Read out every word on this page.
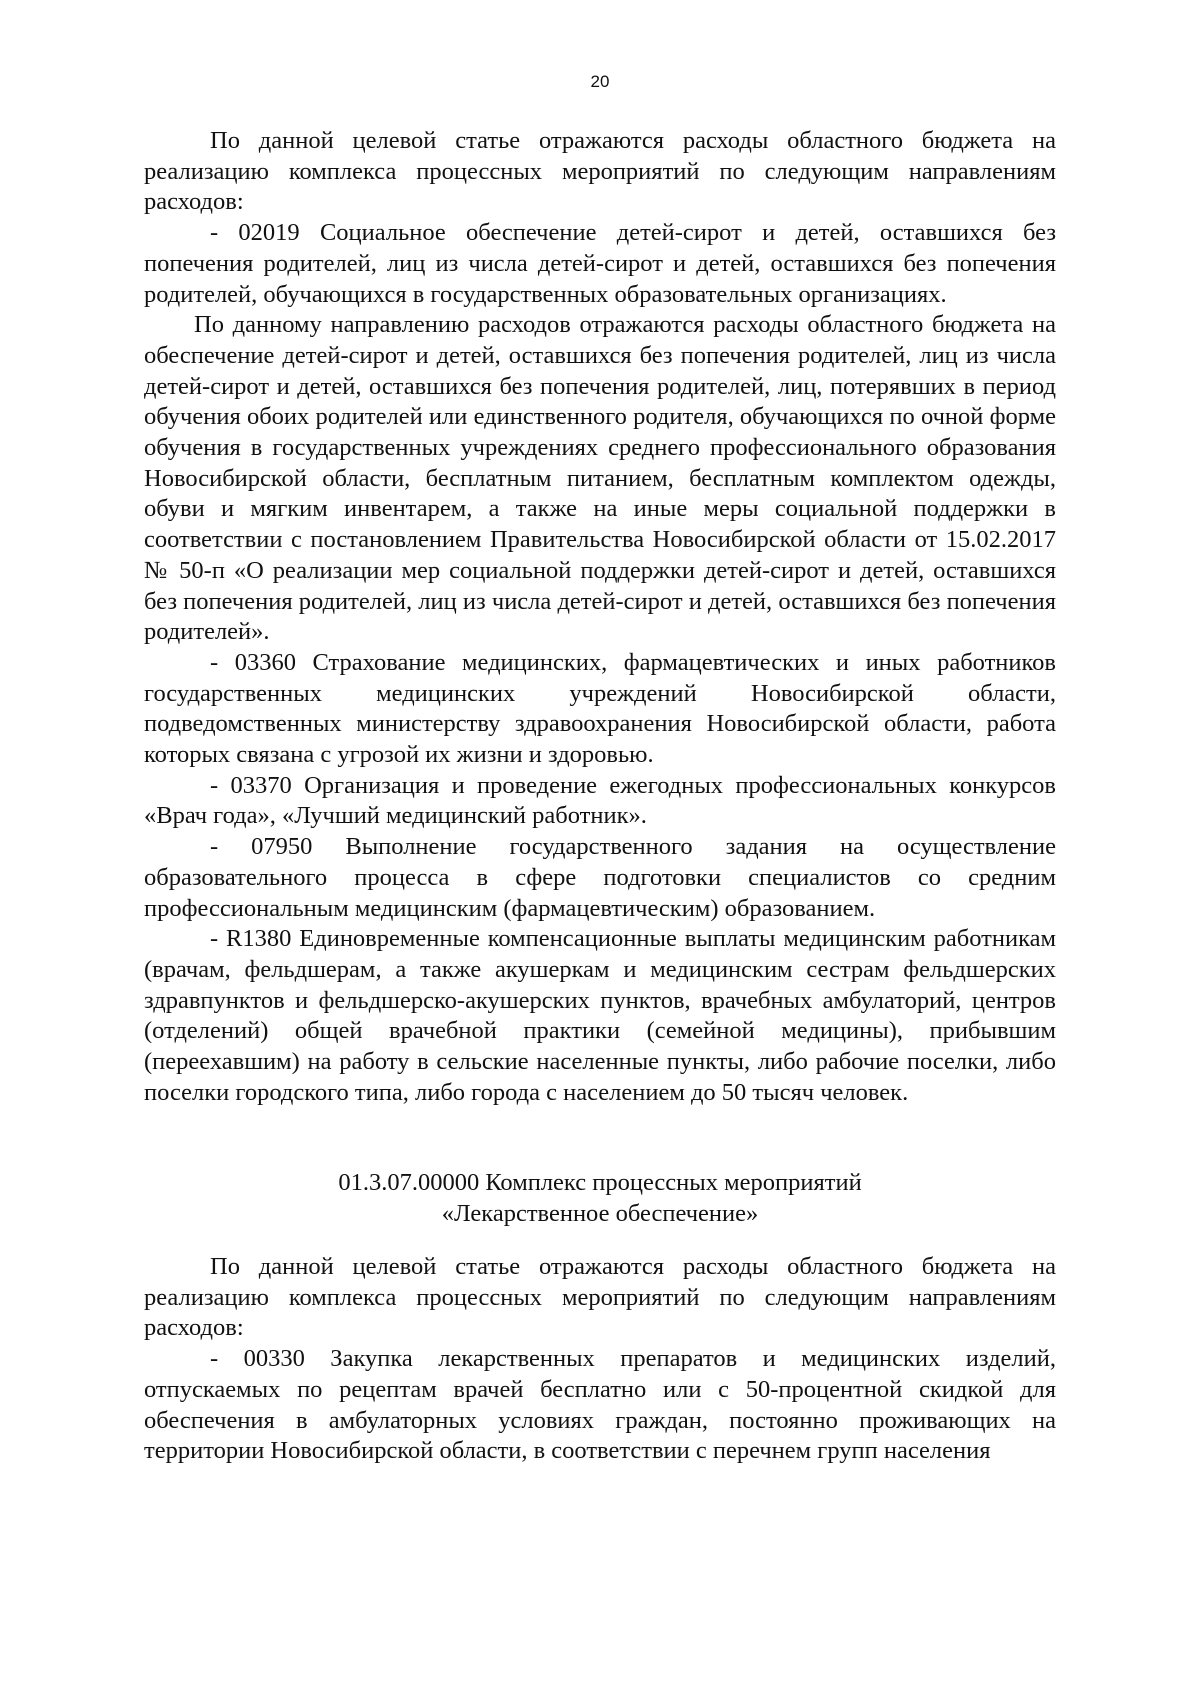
20

По данной целевой статье отражаются расходы областного бюджета на реализацию комплекса процессных мероприятий по следующим направлениям расходов:

- 02019 Социальное обеспечение детей-сирот и детей, оставшихся без попечения родителей, лиц из числа детей-сирот и детей, оставшихся без попечения родителей, обучающихся в государственных образовательных организациях.

По данному направлению расходов отражаются расходы областного бюджета на обеспечение детей-сирот и детей, оставшихся без попечения родителей, лиц из числа детей-сирот и детей, оставшихся без попечения родителей, лиц, потерявших в период обучения обоих родителей или единственного родителя, обучающихся по очной форме обучения в государственных учреждениях среднего профессионального образования Новосибирской области, бесплатным питанием, бесплатным комплектом одежды, обуви и мягким инвентарем, а также на иные меры социальной поддержки в соответствии с постановлением Правительства Новосибирской области от 15.02.2017 № 50-п «О реализации мер социальной поддержки детей-сирот и детей, оставшихся без попечения родителей, лиц из числа детей-сирот и детей, оставшихся без попечения родителей».

- 03360 Страхование медицинских, фармацевтических и иных работников государственных медицинских учреждений Новосибирской области, подведомственных министерству здравоохранения Новосибирской области, работа которых связана с угрозой их жизни и здоровью.

- 03370 Организация и проведение ежегодных профессиональных конкурсов «Врач года», «Лучший медицинский работник».

- 07950 Выполнение государственного задания на осуществление образовательного процесса в сфере подготовки специалистов со средним профессиональным медицинским (фармацевтическим) образованием.

- R1380 Единовременные компенсационные выплаты медицинским работникам (врачам, фельдшерам, а также акушеркам и медицинским сестрам фельдшерских здравпунктов и фельдшерско-акушерских пунктов, врачебных амбулаторий, центров (отделений) общей врачебной практики (семейной медицины), прибывшим (переехавшим) на работу в сельские населенные пункты, либо рабочие поселки, либо поселки городского типа, либо города с населением до 50 тысяч человек.

01.3.07.00000 Комплекс процессных мероприятий
«Лекарственное обеспечение»

По данной целевой статье отражаются расходы областного бюджета на реализацию комплекса процессных мероприятий по следующим направлениям расходов:

- 00330 Закупка лекарственных препаратов и медицинских изделий, отпускаемых по рецептам врачей бесплатно или с 50-процентной скидкой для обеспечения в амбулаторных условиях граждан, постоянно проживающих на территории Новосибирской области, в соответствии с перечнем групп населения
